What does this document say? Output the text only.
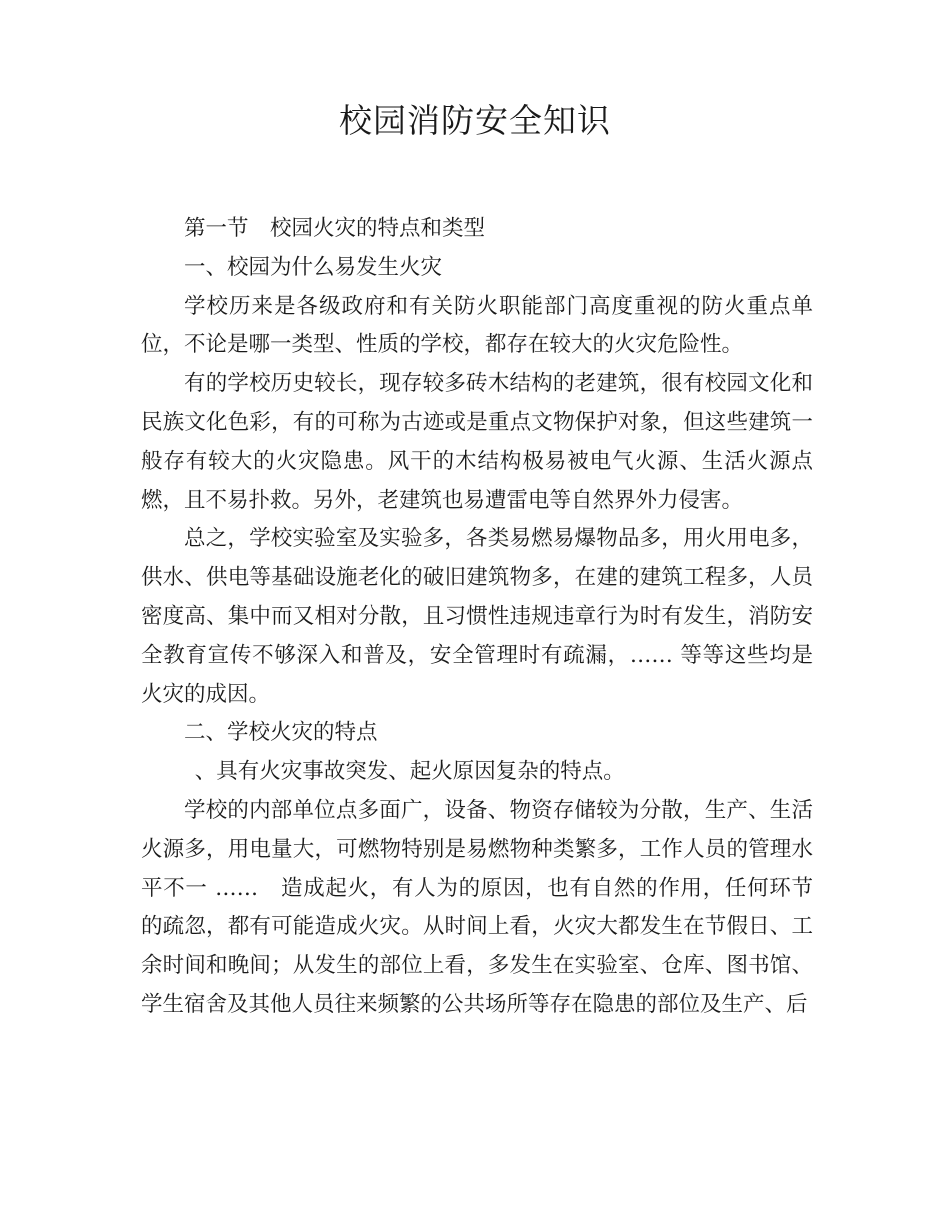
校园消防安全知识

第一节　校园火灾的特点和类型

一、校园为什么易发生火灾

学校历来是各级政府和有关防火职能部门高度重视的防火重点单位，不论是哪一类型、性质的学校，都存在较大的火灾危险性。

有的学校历史较长，现存较多砖木结构的老建筑，很有校园文化和民族文化色彩，有的可称为古迹或是重点文物保护对象，但这些建筑一般存有较大的火灾隐患。风干的木结构极易被电气火源、生活火源点燃，且不易扑救。另外，老建筑也易遭雷电等自然界外力侵害。

总之，学校实验室及实验多，各类易燃易爆物品多，用火用电多，供水、供电等基础设施老化的破旧建筑物多，在建的建筑工程多，人员密度高、集中而又相对分散，且习惯性违规违章行为时有发生，消防安全教育宣传不够深入和普及，安全管理时有疏漏，…… 等等这些均是火灾的成因。

二、学校火灾的特点

、具有火灾事故突发、起火原因复杂的特点。

学校的内部单位点多面广，设备、物资存储较为分散，生产、生活火源多，用电量大，可燃物特别是易燃物种类繁多，工作人员的管理水平不一 ……　造成起火，有人为的原因，也有自然的作用，任何环节的疏忽，都有可能造成火灾。从时间上看，火灾大都发生在节假日、工余时间和晚间；从发生的部位上看，多发生在实验室、仓库、图书馆、学生宿舍及其他人员往来频繁的公共场所等存在隐患的部位及生产、后
